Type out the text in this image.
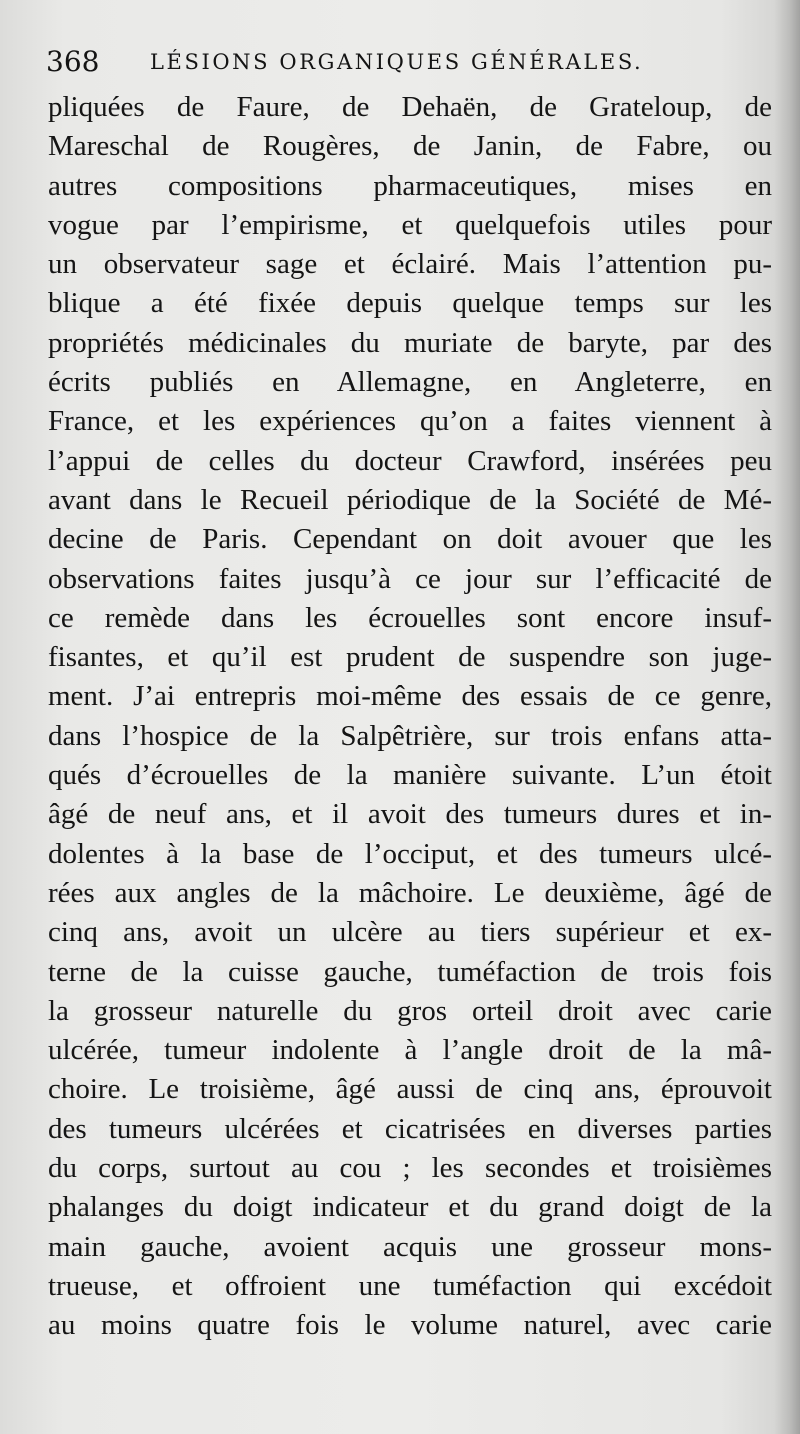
368 LÉSIONS ORGANIQUES GÉNÉRALES.
pliquées de Faure, de Dehaën, de Grateloup, de
Mareschal de Rougères, de Janin, de Fabre, ou
autres compositions pharmaceutiques, mises en
vogue par l’empirisme, et quelquefois utiles pour
un observateur sage et éclairé. Mais l’attention pu-
blique a été fixée depuis quelque temps sur les
propriétés médicinales du muriate de baryte, par des
écrits publiés en Allemagne, en Angleterre, en
France, et les expériences qu’on a faites viennent à
l’appui de celles du docteur Crawford, insérées peu
avant dans le Recueil périodique de la Société de Mé-
decine de Paris. Cependant on doit avouer que les
observations faites jusqu’à ce jour sur l’efficacité de
ce remède dans les écrouelles sont encore insuf-
fisantes, et qu’il est prudent de suspendre son juge-
ment. J’ai entrepris moi-même des essais de ce genre,
dans l’hospice de la Salpêtrière, sur trois enfans atta-
qués d’écrouelles de la manière suivante. L’un étoit
âgé de neuf ans, et il avoit des tumeurs dures et in-
dolentes à la base de l’occiput, et des tumeurs ulcé-
rées aux angles de la mâchoire. Le deuxième, âgé de
cinq ans, avoit un ulcère au tiers supérieur et ex-
terne de la cuisse gauche, tuméfaction de trois fois
la grosseur naturelle du gros orteil droit avec carie
ulcérée, tumeur indolente à l’angle droit de la mâ-
choire. Le troisième, âgé aussi de cinq ans, éprouvoit
des tumeurs ulcérées et cicatrisées en diverses parties
du corps, surtout au cou ; les secondes et troisièmes
phalanges du doigt indicateur et du grand doigt de la
main gauche, avoient acquis une grosseur mons-
trueuse, et offroient une tuméfaction qui excédoit
au moins quatre fois le volume naturel, avec carie
